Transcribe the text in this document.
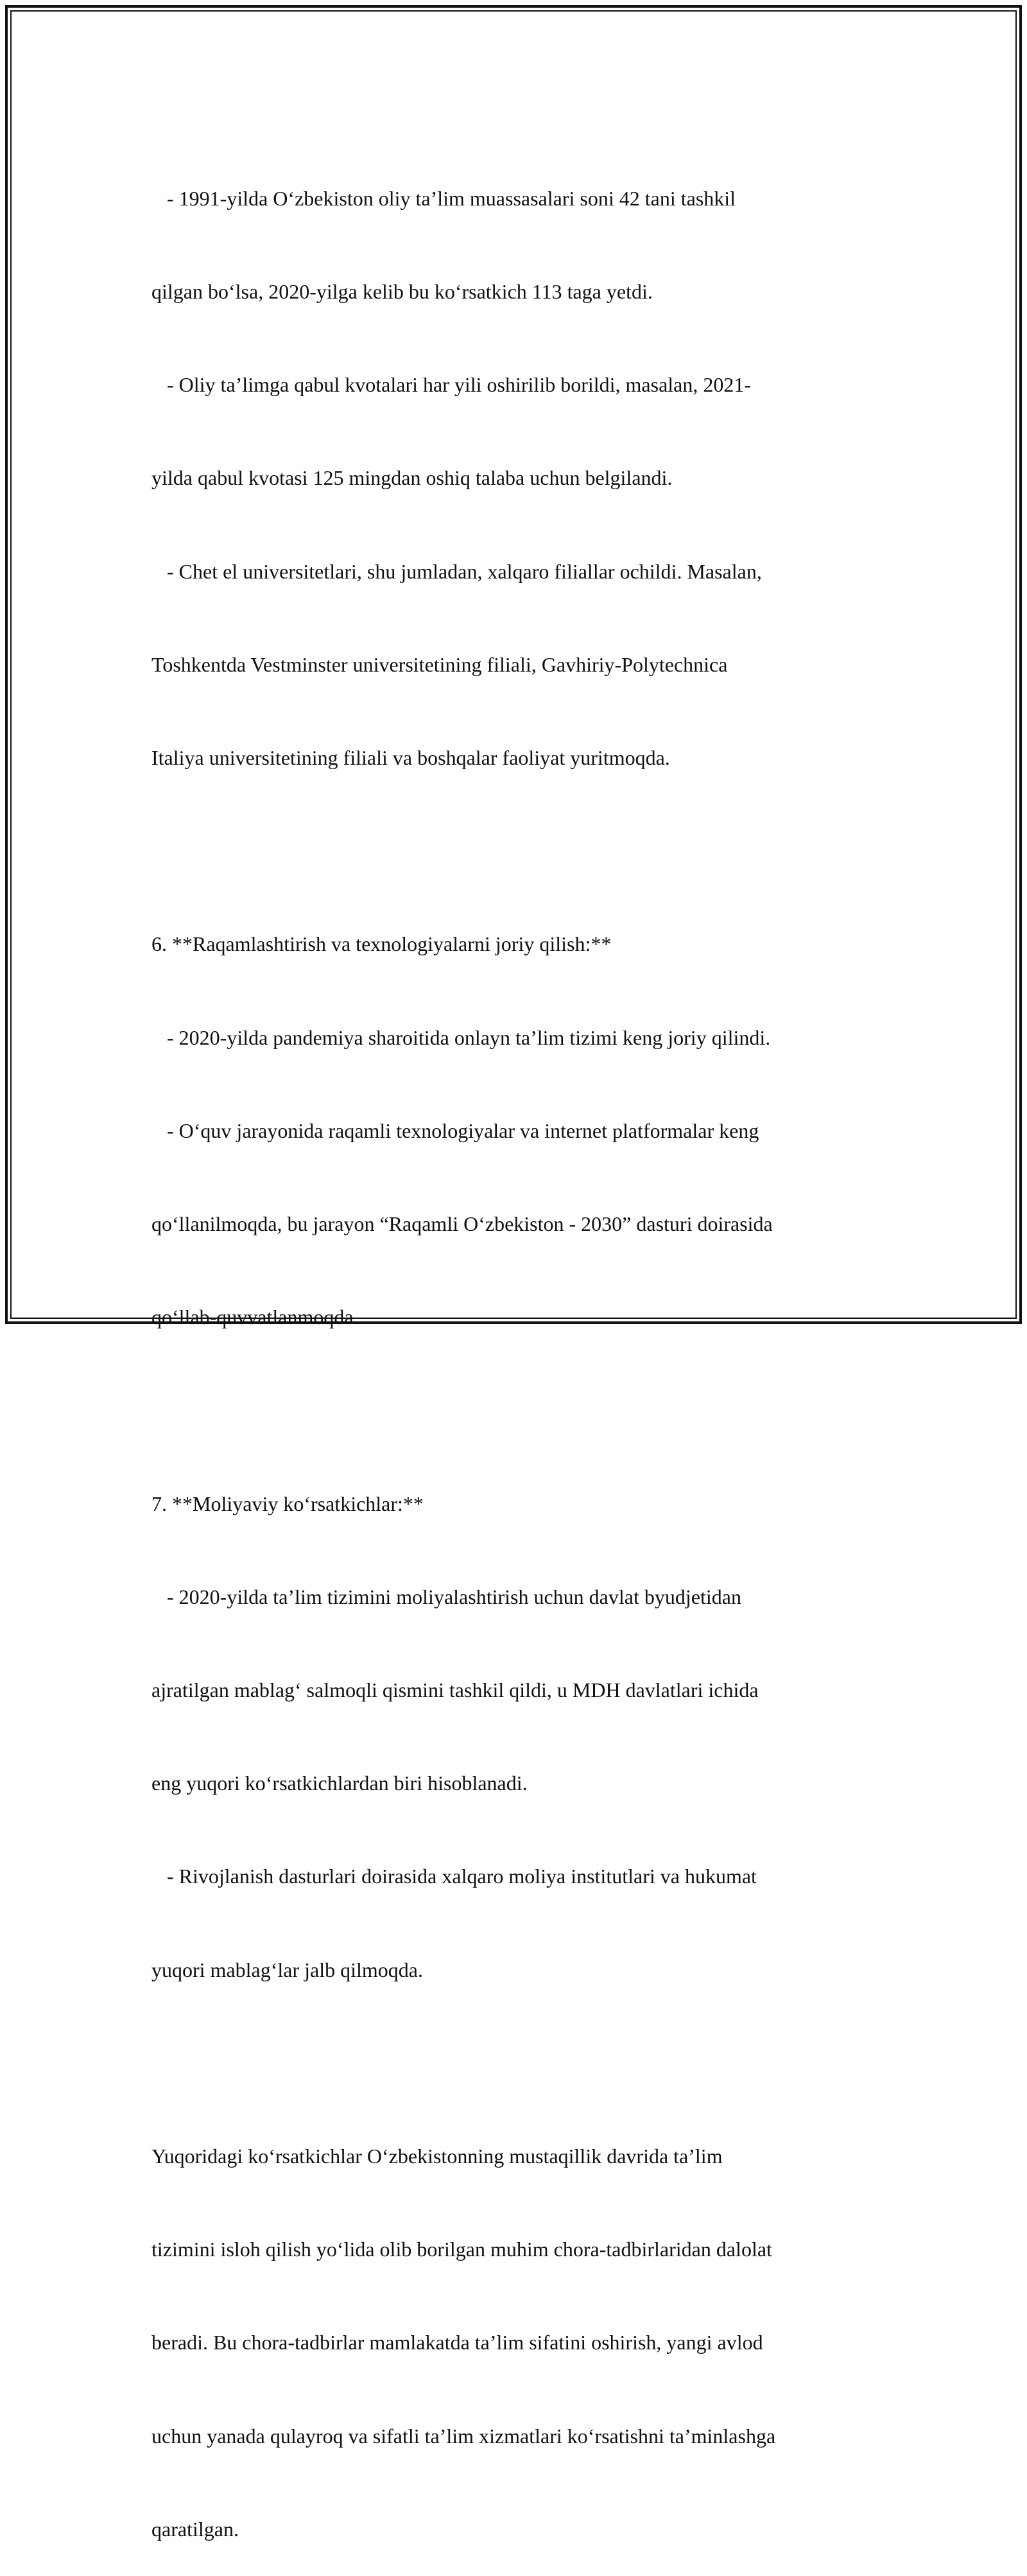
- 1991-yilda O‘zbekiston oliy ta’lim muassasalari soni 42 tani tashkil

qilgan bo‘lsa, 2020-yilga kelib bu ko‘rsatkich 113 taga yetdi.

- Oliy ta’limga qabul kvotalari har yili oshirilib borildi, masalan, 2021-

yilda qabul kvotasi 125 mingdan oshiq talaba uchun belgilandi.

- Chet el universitetlari, shu jumladan, xalqaro filiallar ochildi. Masalan,

Toshkentda Vestminster universitetining filiali, Gavhiriy-Polytechnica

Italiya universitetining filiali va boshqalar faoliyat yuritmoqda.

6. **Raqamlashtirish va texnologiyalarni joriy qilish:**

- 2020-yilda pandemiya sharoitida onlayn ta’lim tizimi keng joriy qilindi.

- O‘quv jarayonida raqamli texnologiyalar va internet platformalar keng

qo‘llanilmoqda, bu jarayon “Raqamli O‘zbekiston - 2030” dasturi doirasida

qo‘llab-quvvatlanmoqda.

7. **Moliyaviy ko‘rsatkichlar:**

- 2020-yilda ta’lim tizimini moliyalashtirish uchun davlat byudjetidan

ajratilgan mablag‘ salmoqli qismini tashkil qildi, u MDH davlatlari ichida

eng yuqori ko‘rsatkichlardan biri hisoblanadi.

- Rivojlanish dasturlari doirasida xalqaro moliya institutlari va hukumat

yuqori mablag‘lar jalb qilmoqda.

Yuqoridagi ko‘rsatkichlar O‘zbekistonning mustaqillik davrida ta’lim

tizimini isloh qilish yo‘lida olib borilgan muhim chora-tadbirlaridan dalolat

beradi. Bu chora-tadbirlar mamlakatda ta’lim sifatini oshirish, yangi avlod

uchun yanada qulayroq va sifatli ta’lim xizmatlari ko‘rsatishni ta’minlashga

qaratilgan.
